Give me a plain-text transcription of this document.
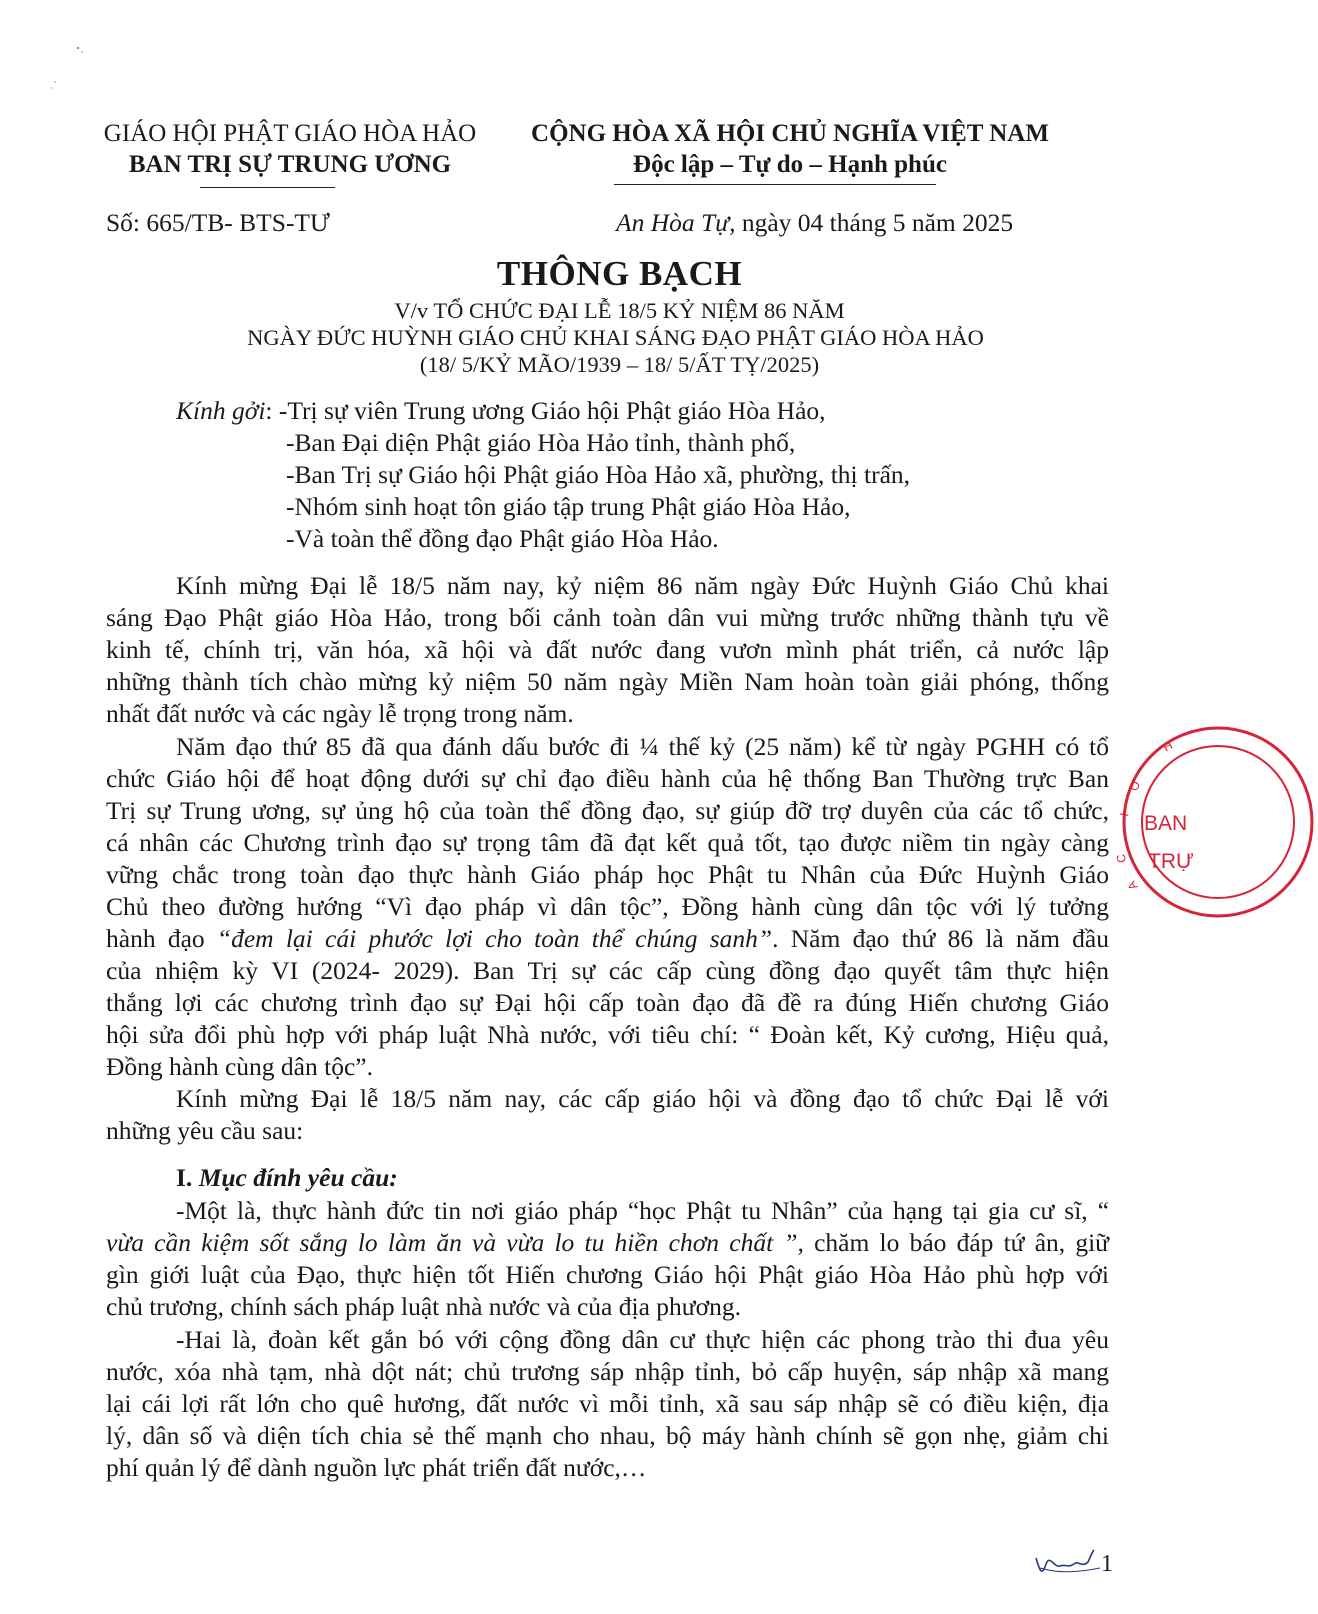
GIÁO HỘI PHẬT GIÁO HÒA HẢO
BAN TRỊ SỰ TRUNG ƯƠNG
CỘNG HÒA XÃ HỘI CHỦ NGHĨA VIỆT NAM
Độc lập – Tự do – Hạnh phúc
Số: 665/TB- BTS-TƯ	An Hòa Tự, ngày 04 tháng 5 năm 2025
THÔNG BẠCH
V/v TỔ CHỨC ĐẠI LỄ 18/5 KỶ NIỆM 86 NĂM
NGÀY ĐỨC HUỲNH GIÁO CHỦ KHAI SÁNG ĐẠO PHẬT GIÁO HÒA HẢO
(18/ 5/KỶ MÃO/1939 – 18/ 5/ẤT TỴ/2025)
Kính gởi: -Trị sự viên Trung ương Giáo hội Phật giáo Hòa Hảo,
-Ban Đại diện Phật giáo Hòa Hảo tỉnh, thành phố,
-Ban Trị sự Giáo hội Phật giáo Hòa Hảo xã, phường, thị trấn,
-Nhóm sinh hoạt tôn giáo tập trung Phật giáo Hòa Hảo,
-Và toàn thể đồng đạo Phật giáo Hòa Hảo.
Kính mừng Đại lễ 18/5 năm nay, kỷ niệm 86 năm ngày Đức Huỳnh Giáo Chủ khai
sáng Đạo Phật giáo Hòa Hảo, trong bối cảnh toàn dân vui mừng trước những thành tựu về
kinh tế, chính trị, văn hóa, xã hội và đất nước đang vươn mình phát triển, cả nước lập
những thành tích chào mừng kỷ niệm 50 năm ngày Miền Nam hoàn toàn giải phóng, thống
nhất đất nước và các ngày lễ trọng trong năm.
Năm đạo thứ 85 đã qua đánh dấu bước đi ¼ thế kỷ (25 năm) kể từ ngày PGHH có tổ
chức Giáo hội để hoạt động dưới sự chỉ đạo điều hành của hệ thống Ban Thường trực Ban
Trị sự Trung ương, sự ủng hộ của toàn thể đồng đạo, sự giúp đỡ trợ duyên của các tổ chức,
cá nhân các Chương trình đạo sự trọng tâm đã đạt kết quả tốt, tạo được niềm tin ngày càng
vững chắc trong toàn đạo thực hành Giáo pháp học Phật tu Nhân của Đức Huỳnh Giáo
Chủ theo đường hướng “Vì đạo pháp vì dân tộc”, Đồng hành cùng dân tộc với lý tưởng
hành đạo “đem lại cái phước lợi cho toàn thể chúng sanh”. Năm đạo thứ 86 là năm đầu
của nhiệm kỳ VI (2024- 2029). Ban Trị sự các cấp cùng đồng đạo quyết tâm thực hiện
thắng lợi các chương trình đạo sự Đại hội cấp toàn đạo đã đề ra đúng Hiến chương Giáo
hội sửa đổi phù hợp với pháp luật Nhà nước, với tiêu chí: “ Đoàn kết, Kỷ cương, Hiệu quả,
Đồng hành cùng dân tộc”.
Kính mừng Đại lễ 18/5 năm nay, các cấp giáo hội và đồng đạo tổ chức Đại lễ với
những yêu cầu sau:
I. Mục đính yêu cầu:
-Một là, thực hành đức tin nơi giáo pháp “học Phật tu Nhân” của hạng tại gia cư sĩ, “
vừa cần kiệm sốt sắng lo làm ăn và vừa lo tu hiền chơn chất ”, chăm lo báo đáp tứ ân, giữ
gìn giới luật của Đạo, thực hiện tốt Hiến chương Giáo hội Phật giáo Hòa Hảo phù hợp với
chủ trương, chính sách pháp luật nhà nước và của địa phương.
-Hai là, đoàn kết gắn bó với cộng đồng dân cư thực hiện các phong trào thi đua yêu
nước, xóa nhà tạm, nhà dột nát; chủ trương sáp nhập tỉnh, bỏ cấp huyện, sáp nhập xã mang
lại cái lợi rất lớn cho quê hương, đất nước vì mỗi tỉnh, xã sau sáp nhập sẽ có điều kiện, địa
lý, dân số và diện tích chia sẻ thế mạnh cho nhau, bộ máy hành chính sẽ gọn nhẹ, giảm chi
phí quản lý để dành nguồn lực phát triển đất nước,…
BAN
TRỰ
O
I
C
A
H
1
